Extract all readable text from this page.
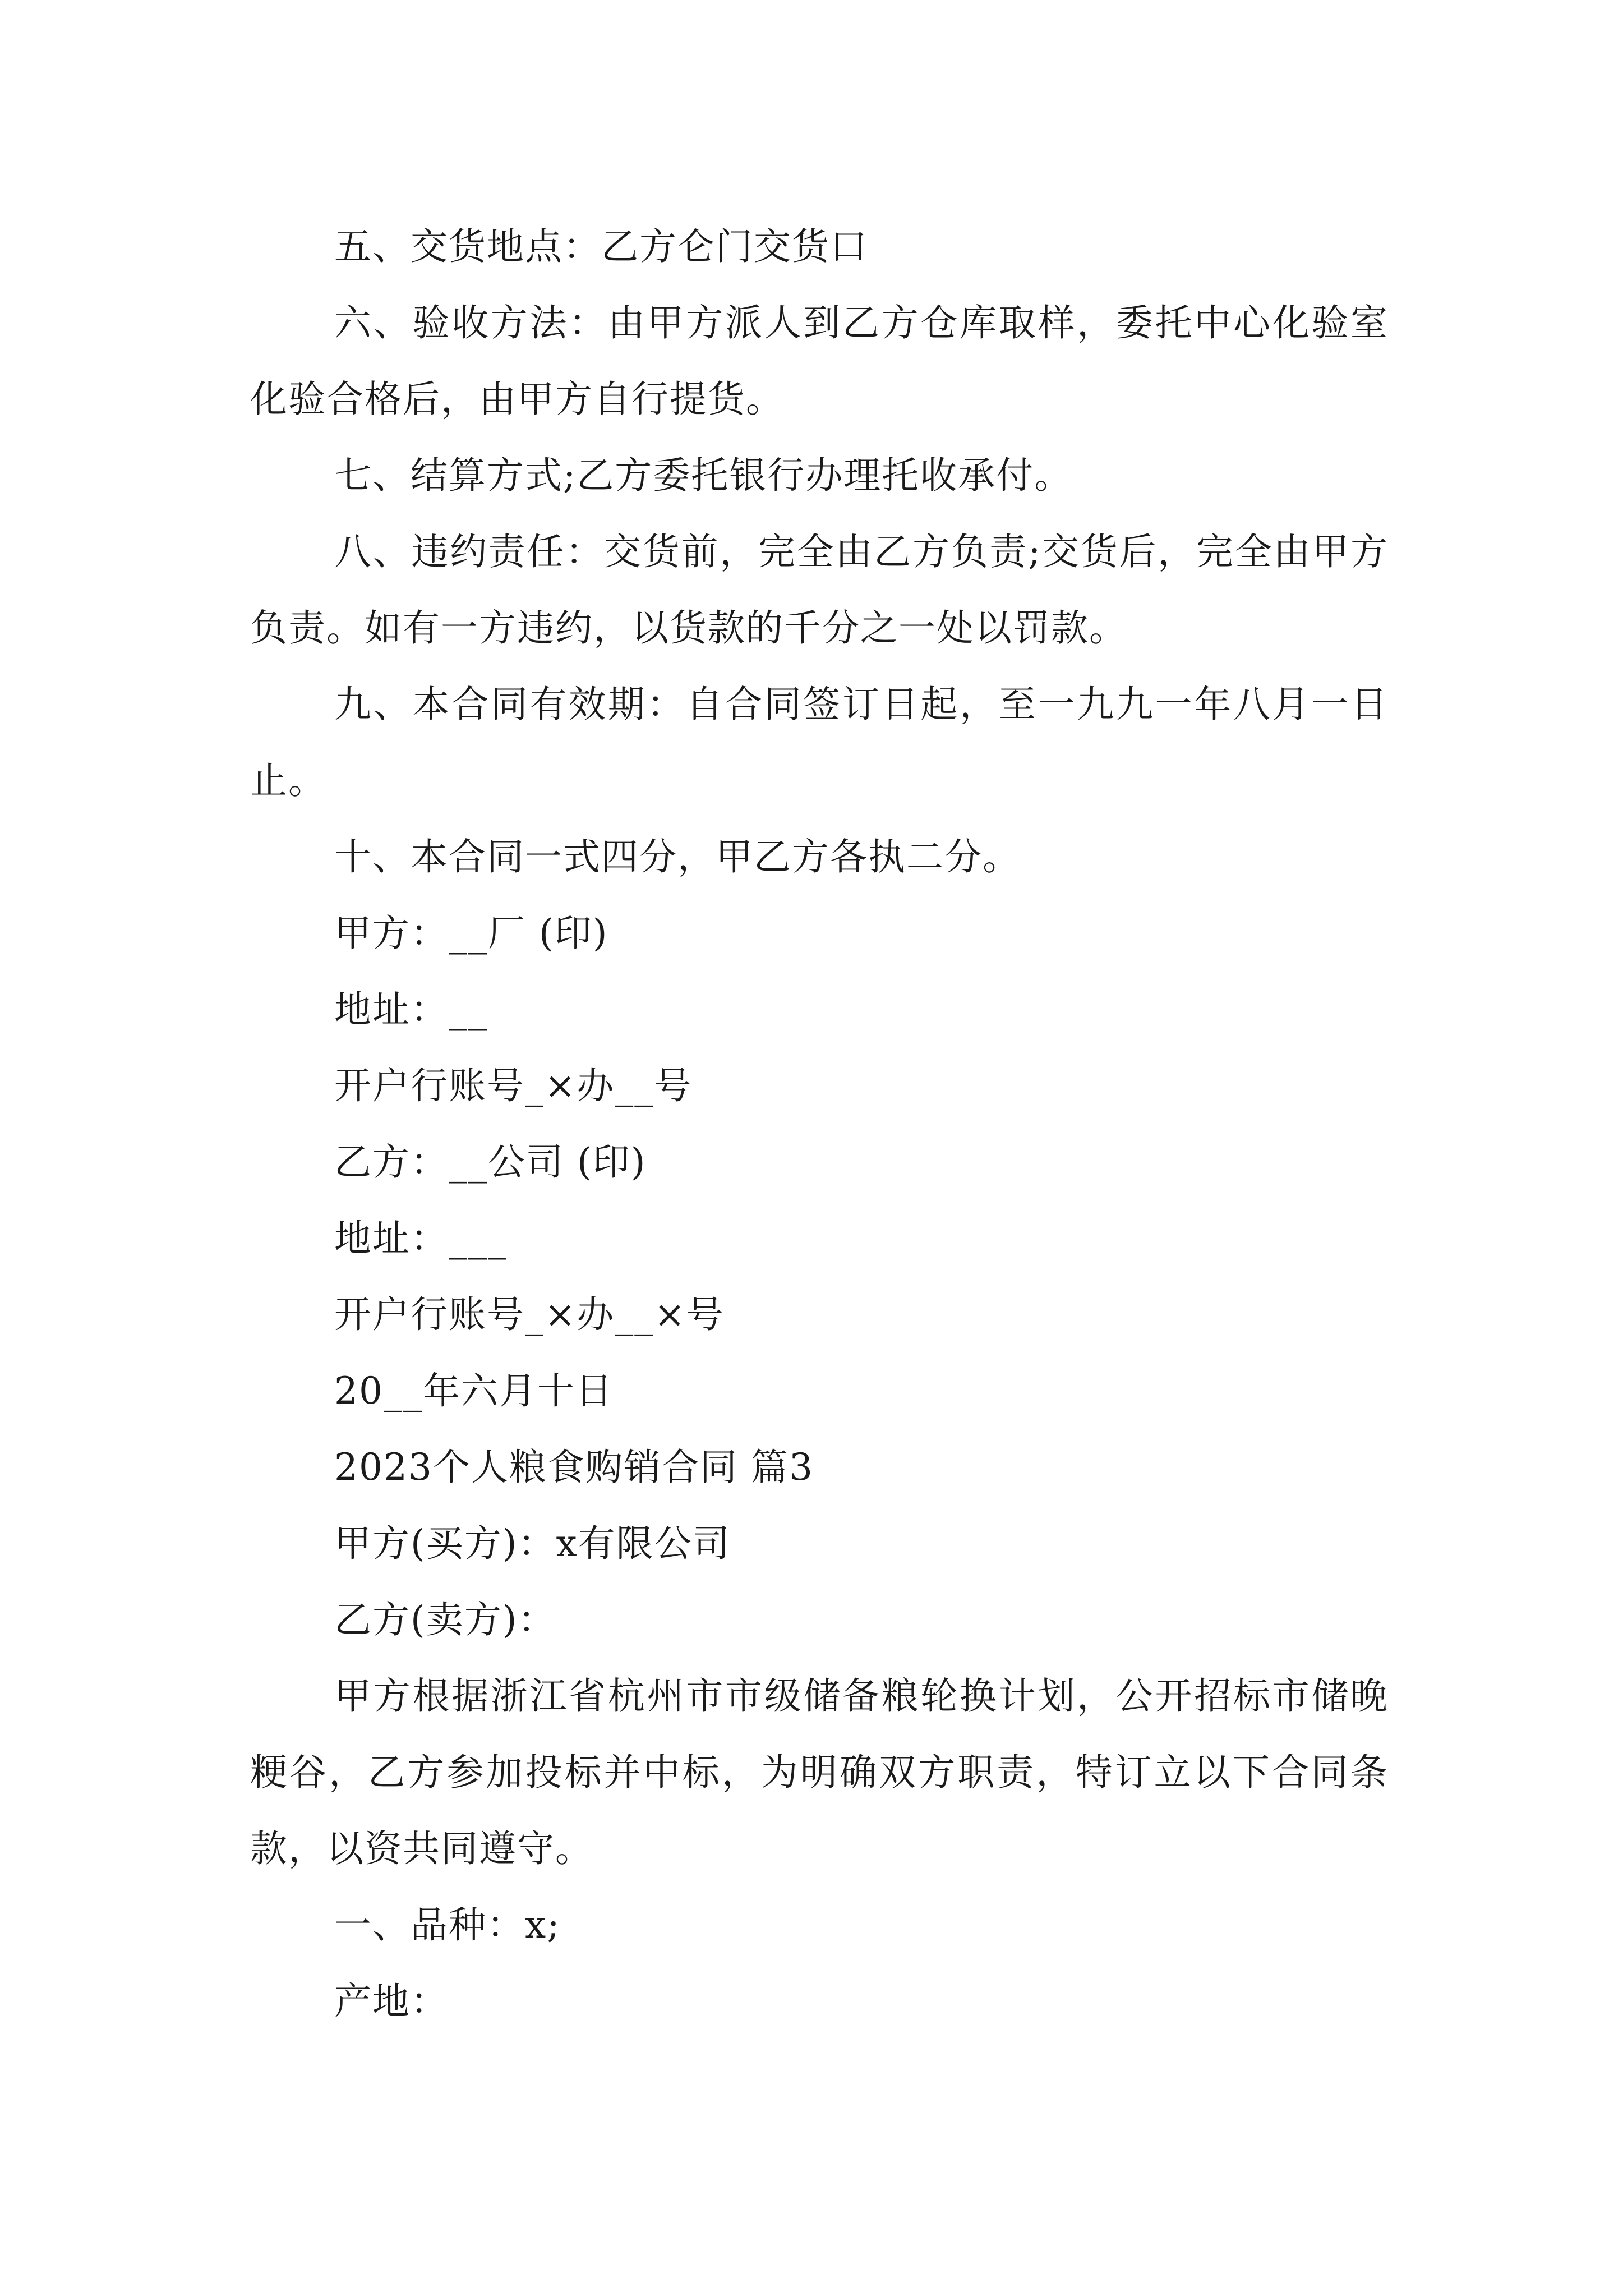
五、交货地点：乙方仑门交货口

六、验收方法：由甲方派人到乙方仓库取样，委托中心化验室化验合格后，由甲方自行提货。

七、结算方式;乙方委托银行办理托收承付。

八、违约责任：交货前，完全由乙方负责;交货后，完全由甲方负责。如有一方违约，以货款的千分之一处以罚款。

九、本合同有效期：自合同签订日起，至一九九一年八月一日止。

十、本合同一式四分，甲乙方各执二分。

甲方：__厂 (印)

地址：__

开户行账号_×办__号

乙方：__公司 (印)

地址：___

开户行账号_×办__×号

20__年六月十日

2023个人粮食购销合同 篇3

甲方(买方)：x有限公司

乙方(卖方)：

甲方根据浙江省杭州市市级储备粮轮换计划，公开招标市储晚粳谷，乙方参加投标并中标，为明确双方职责，特订立以下合同条款，以资共同遵守。

一、品种：x;

产地：
